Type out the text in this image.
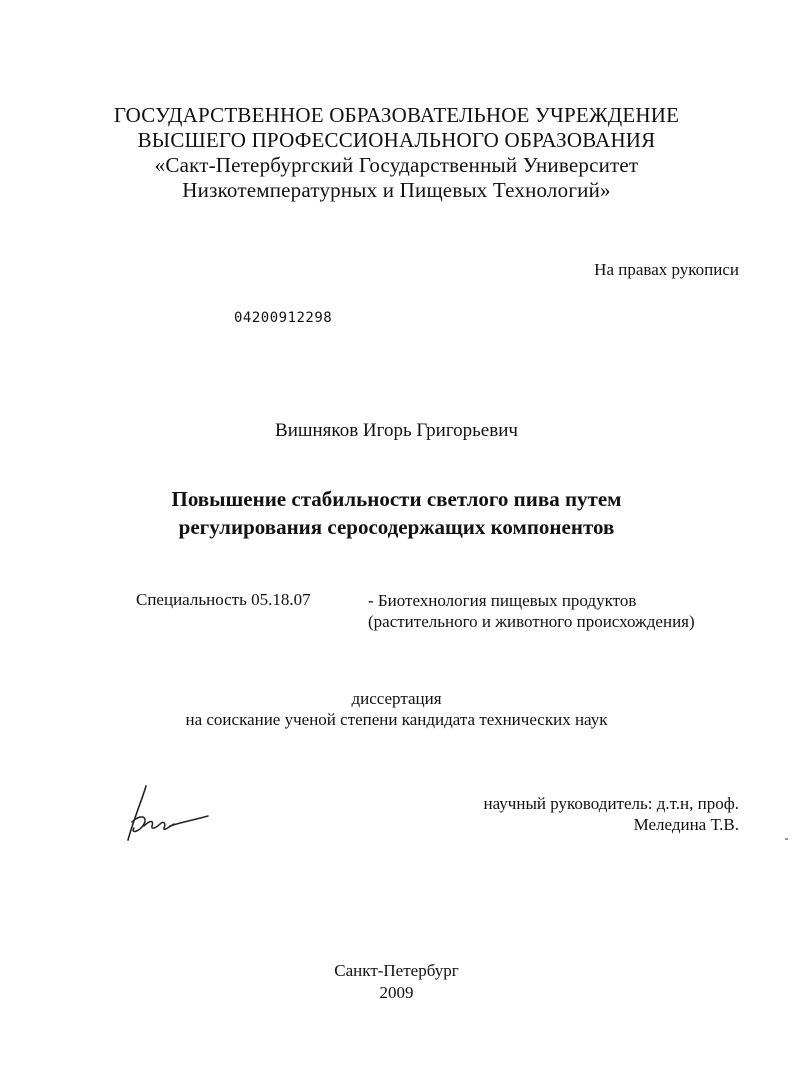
ГОСУДАРСТВЕННОЕ ОБРАЗОВАТЕЛЬНОЕ УЧРЕЖДЕНИЕ
ВЫСШЕГО ПРОФЕССИОНАЛЬНОГО ОБРАЗОВАНИЯ
«Сакт-Петербургский Государственный Университет
Низкотемпературных и Пищевых Технологий»
На правах рукописи
04200912298
Вишняков Игорь Григорьевич
Повышение стабильности светлого пива путем
регулирования серосодержащих компонентов
Специальность 05.18.07	- Биотехнология пищевых продуктов
(растительного и животного происхождения)
диссертация
на соискание ученой степени кандидата технических наук
научный руководитель: д.т.н, проф.
Меледина Т.В.
Санкт-Петербург
2009
